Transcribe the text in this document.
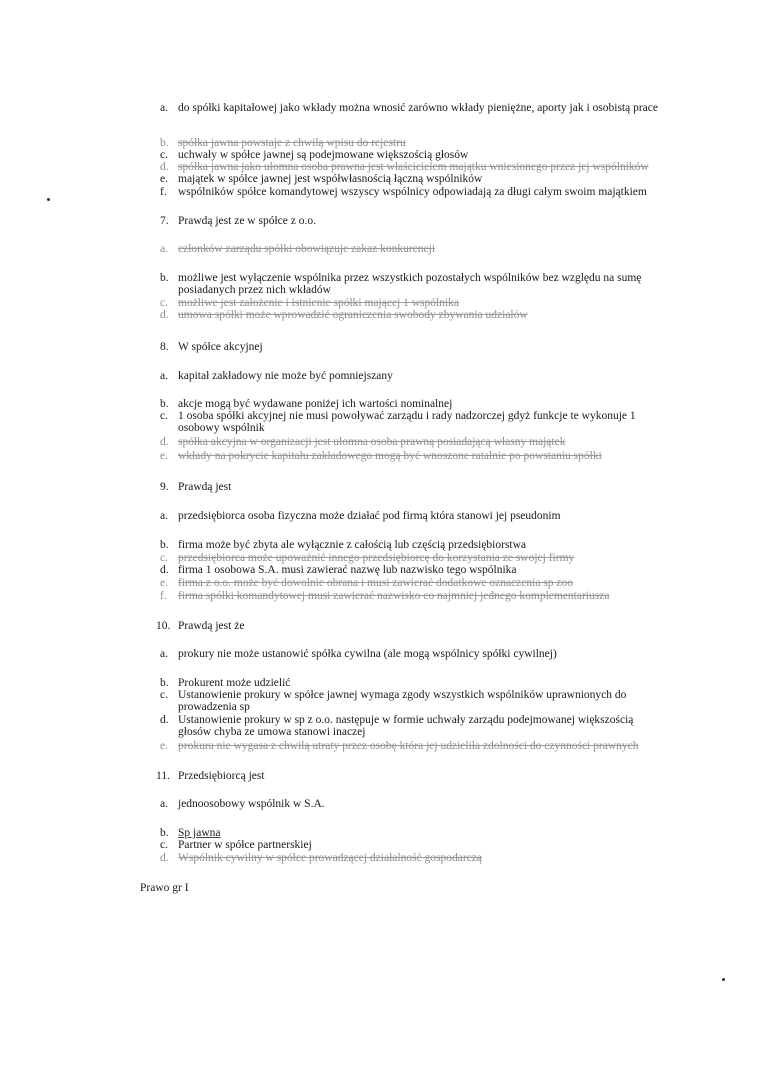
a. do spółki kapitałowej jako wkłady można wnosić zarówno wkłady pieniężne, aporty jak i osobistą prace
b. spółka jawna powstaje z chwilą wpisu do rejestru
c. uchwały w spółce jawnej są podejmowane większością głosów
d. spółka jawna jako ułomna osoba prawna jest właścicielem majątku wniesionego przez jej wspólników
e. majątek w spółce jawnej jest współwłasnością łączną wspólników
f. wspólników spółce komandytowej wszyscy wspólnicy odpowiadają za długi całym swoim majątkiem
7. Prawdą jest ze w spółce z o.o.
a. członków zarządu spółki obowiązuje zakaz konkurencji
b. możliwe jest wyłączenie wspólnika przez wszystkich pozostałych wspólników bez względu na sumę
posiadanych przez nich wkładów
c. możliwe jest założenie i istnienie spółki mającej 1 wspólnika
d. umowa spółki może wprowadzić ograniczenia swobody zbywania udziałów
8. W spółce akcyjnej
a. kapitał zakładowy nie może być pomniejszany
b. akcje mogą być wydawane poniżej ich wartości nominalnej
c. 1 osoba spółki akcyjnej nie musi powoływać zarządu i rady nadzorczej gdyż funkcje te wykonuje 1
osobowy wspólnik
d. spółka akcyjna w organizacji jest ułomna osoba prawną posiadającą własny majątek
e. wkłady na pokrycie kapitału zakładowego mogą być wnoszone ratalnie po powstaniu spółki
9. Prawdą jest
a. przedsiębiorca osoba fizyczna może działać pod firmą która stanowi jej pseudonim
b. firma może być zbyta ale wyłącznie z całością lub częścią przedsiębiorstwa
c. przedsiębiorca może upoważnić innego przedsiębiorcę do korzystania ze swojej firmy
d. firma 1 osobowa S.A. musi zawierać nazwę lub nazwisko tego wspólnika
e. firma z o.o. może być dowolnie obrana i musi zawierać dodatkowe oznaczenia sp zoo
f. firma spółki komandytowej musi zawierać nazwisko co najmniej jednego komplementariusza
10. Prawdą jest że
a. prokury nie może ustanowić spółka cywilna (ale mogą wspólnicy spółki cywilnej)
b. Prokurent może udzielić
c. Ustanowienie prokury w spółce jawnej wymaga zgody wszystkich wspólników uprawnionych do
prowadzenia sp
d. Ustanowienie prokury w sp z o.o. następuje w formie uchwały zarządu podejmowanej większością
głosów chyba ze umowa stanowi inaczej
e. prokura nie wygasa z chwilą utraty przez osobę która jej udzieliła zdolności do czynności prawnych
11. Przedsiębiorcą jest
a. jednoosobowy wspólnik w S.A.
b. Sp jawna
c. Partner w spółce partnerskiej
d. Wspólnik cywilny w spółce prowadzącej działalność gospodarczą
Prawo gr I
